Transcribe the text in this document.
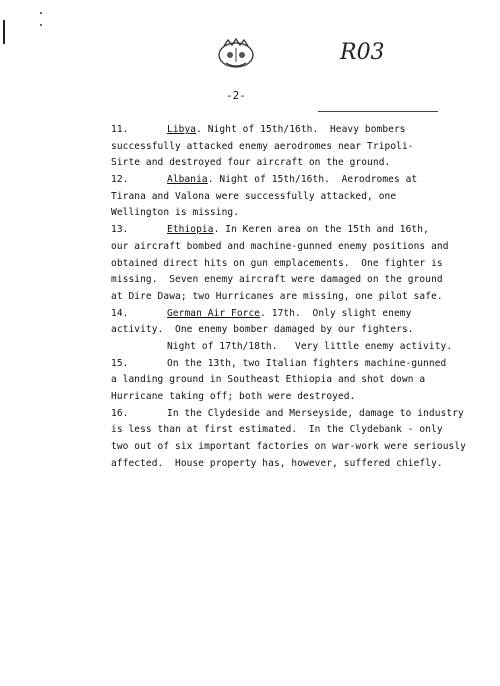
R03
-2-
11.	Libya. Night of 15th/16th.  Heavy bombers
successfully attacked enemy aerodromes near Tripoli-
Sirte and destroyed four aircraft on the ground.
12.	Albania. Night of 15th/16th.  Aerodromes at
Tirana and Valona were successfully attacked, one
Wellington is missing.
13.	Ethiopia. In Keren area on the 15th and 16th,
our aircraft bombed and machine-gunned enemy positions and
obtained direct hits on gun emplacements.  One fighter is
missing.  Seven enemy aircraft were damaged on the ground
at Dire Dawa; two Hurricanes are missing, one pilot safe.
14.	German Air Force. 17th.  Only slight enemy
activity.  One enemy bomber damaged by our fighters.
Night of 17th/18th.   Very little enemy activity.
15.	On the 13th, two Italian fighters machine-gunned
a landing ground in Southeast Ethiopia and shot down a
Hurricane taking off; both were destroyed.
16.	In the Clydeside and Merseyside, damage to industry
is less than at first estimated.  In the Clydebank - only
two out of six important factories on war-work were seriously
affected.  House property has, however, suffered chiefly.
